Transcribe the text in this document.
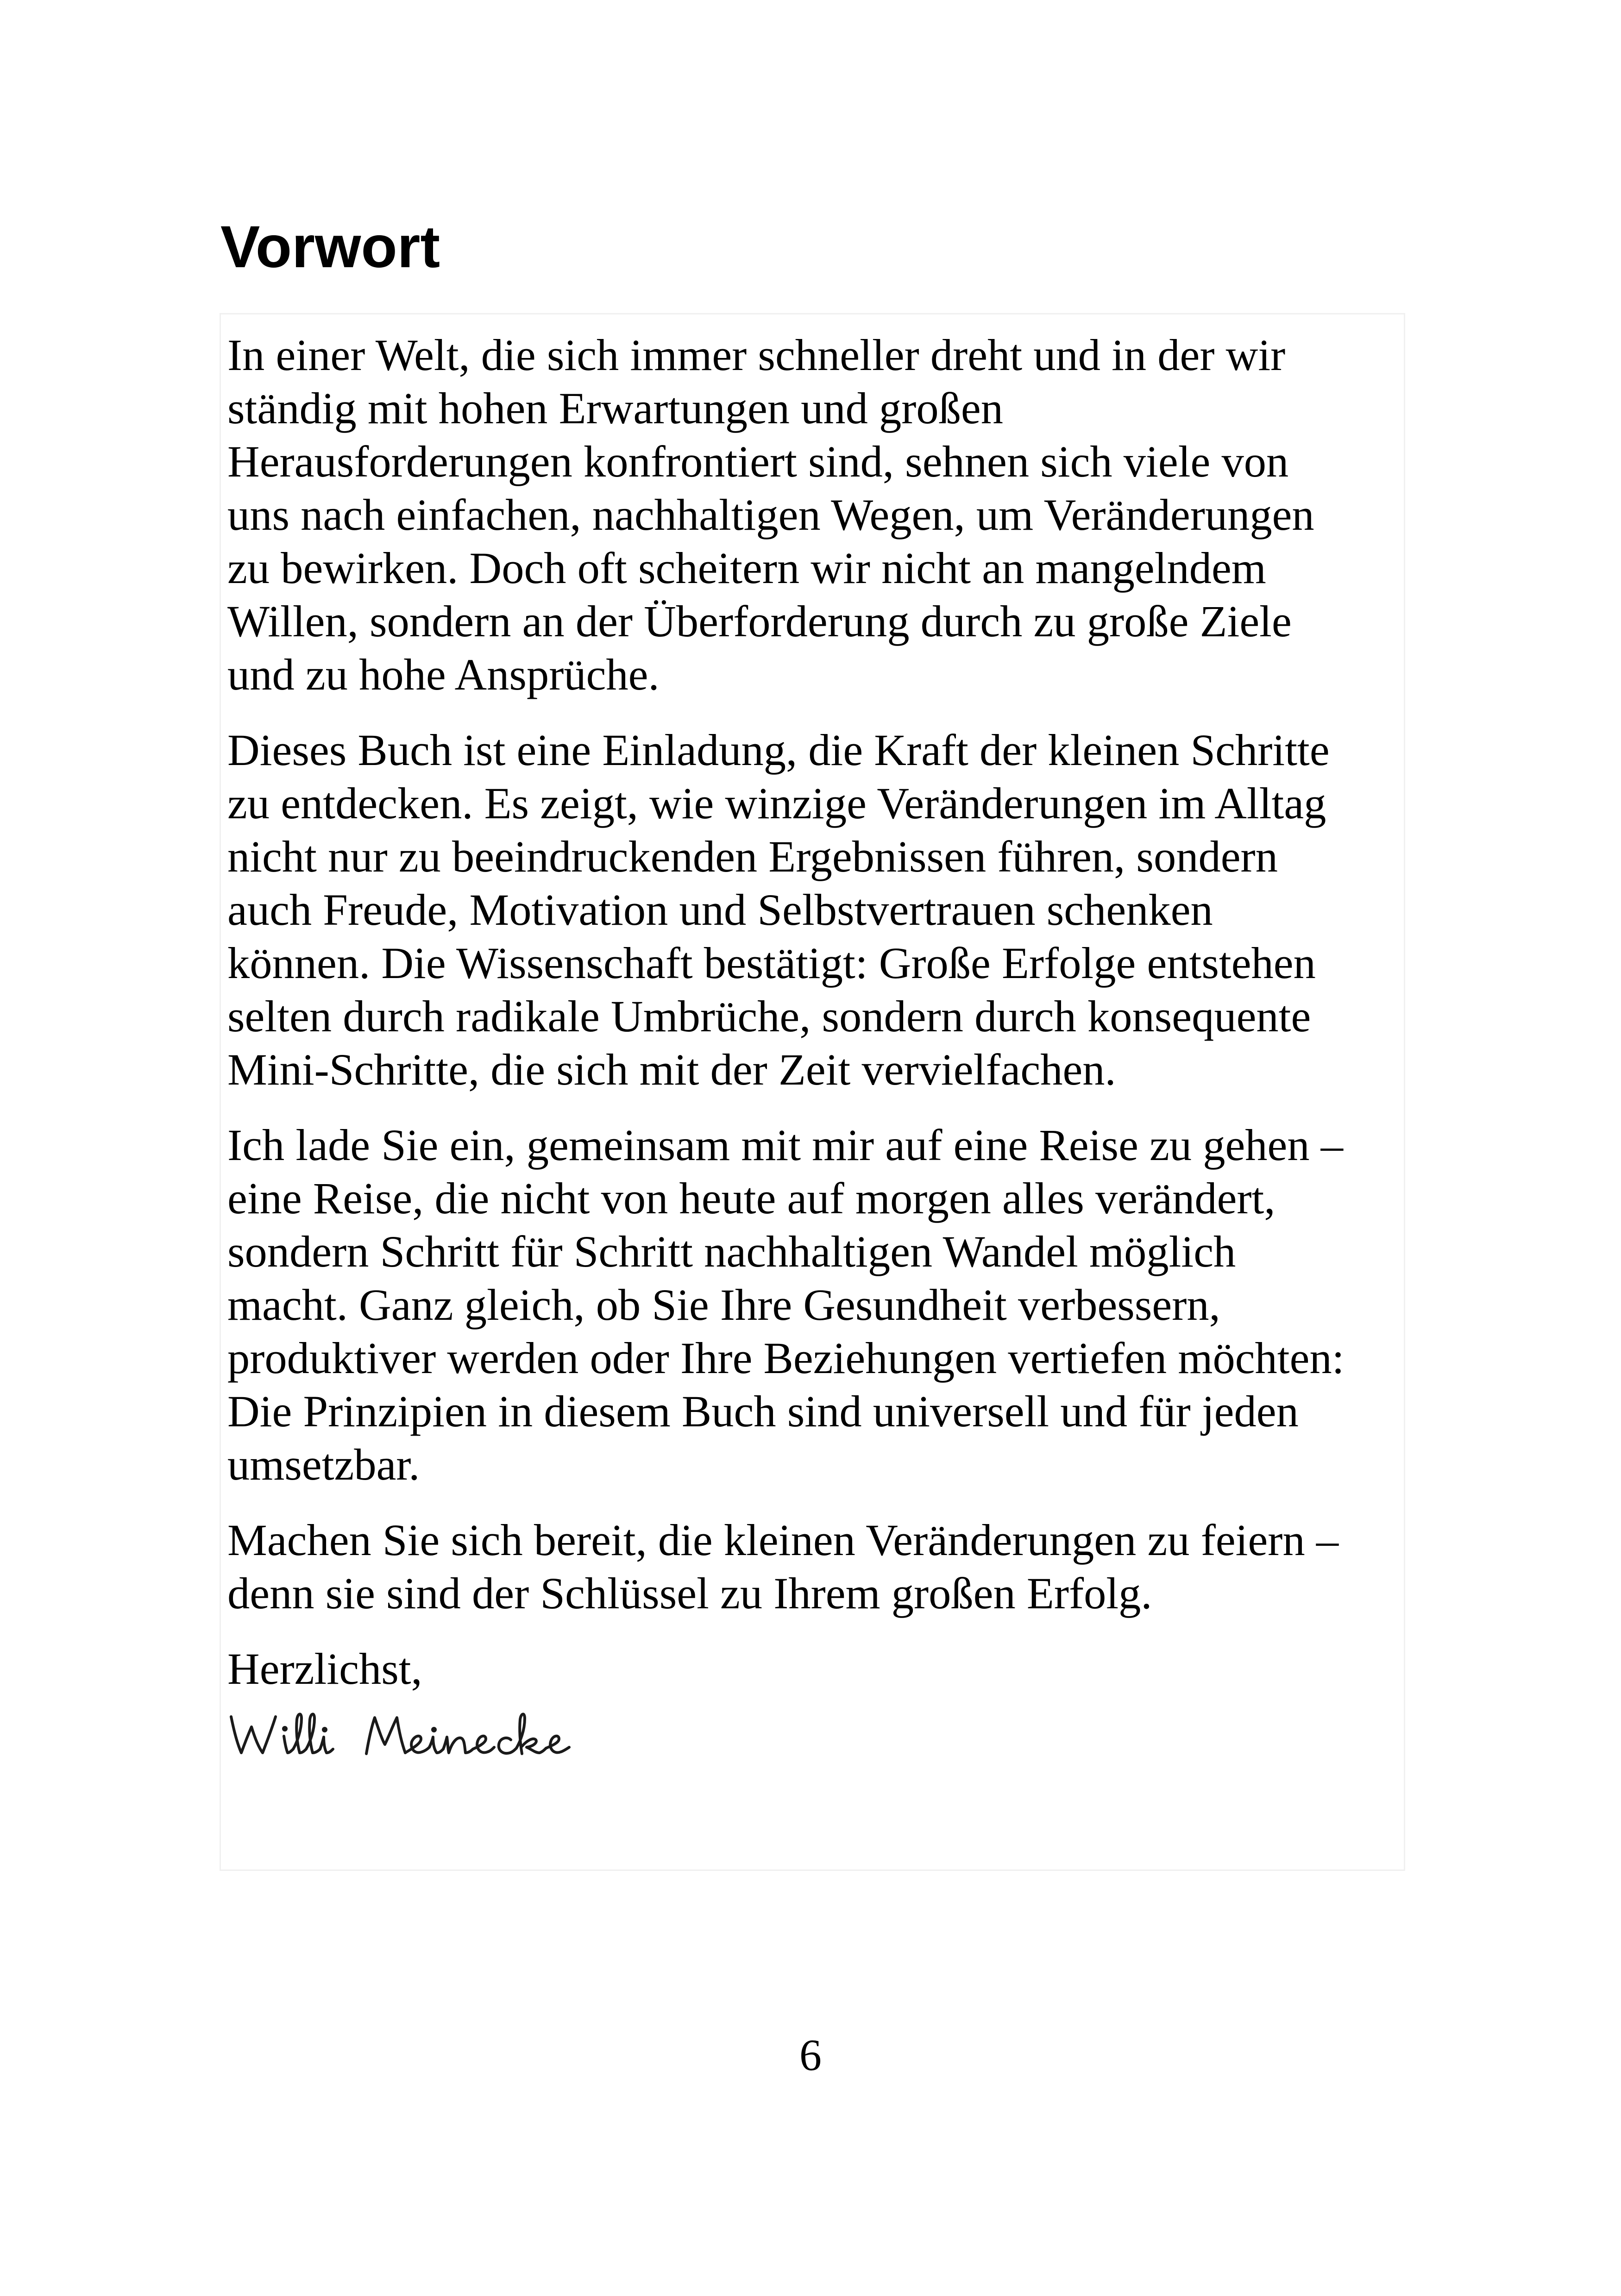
Vorwort

In einer Welt, die sich immer schneller dreht und in der wir
ständig mit hohen Erwartungen und großen
Herausforderungen konfrontiert sind, sehnen sich viele von
uns nach einfachen, nachhaltigen Wegen, um Veränderungen
zu bewirken. Doch oft scheitern wir nicht an mangelndem
Willen, sondern an der Überforderung durch zu große Ziele
und zu hohe Ansprüche.

Dieses Buch ist eine Einladung, die Kraft der kleinen Schritte
zu entdecken. Es zeigt, wie winzige Veränderungen im Alltag
nicht nur zu beeindruckenden Ergebnissen führen, sondern
auch Freude, Motivation und Selbstvertrauen schenken
können. Die Wissenschaft bestätigt: Große Erfolge entstehen
selten durch radikale Umbrüche, sondern durch konsequente
Mini-Schritte, die sich mit der Zeit vervielfachen.

Ich lade Sie ein, gemeinsam mit mir auf eine Reise zu gehen –
eine Reise, die nicht von heute auf morgen alles verändert,
sondern Schritt für Schritt nachhaltigen Wandel möglich
macht. Ganz gleich, ob Sie Ihre Gesundheit verbessern,
produktiver werden oder Ihre Beziehungen vertiefen möchten:
Die Prinzipien in diesem Buch sind universell und für jeden
umsetzbar.

Machen Sie sich bereit, die kleinen Veränderungen zu feiern –
denn sie sind der Schlüssel zu Ihrem großen Erfolg.

Herzlichst,

6
